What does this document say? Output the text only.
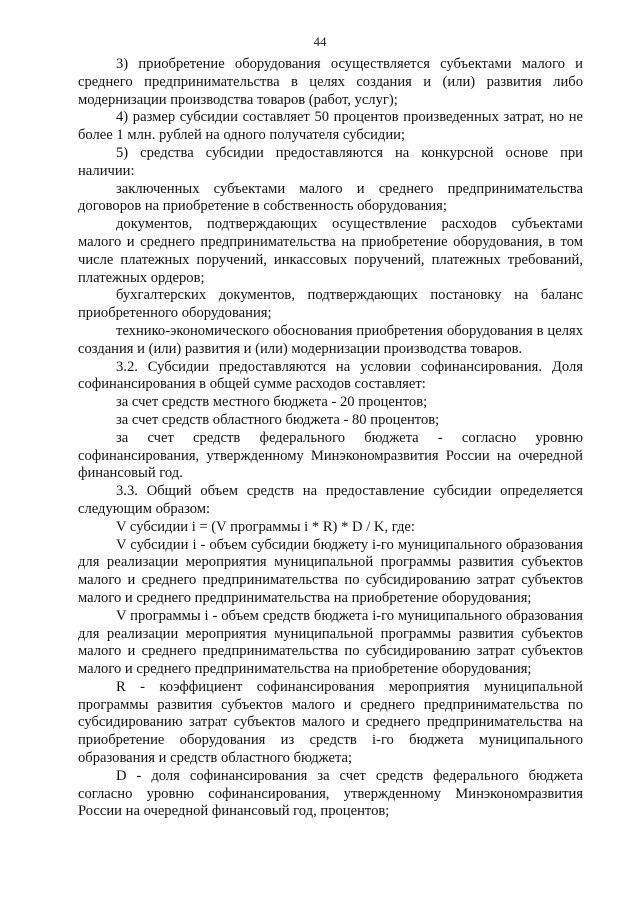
44

3) приобретение оборудования осуществляется субъектами малого и среднего предпринимательства в целях создания и (или) развития либо модернизации производства товаров (работ, услуг);

4) размер субсидии составляет 50 процентов произведенных затрат, но не более 1 млн. рублей на одного получателя субсидии;

5) средства субсидии предоставляются на конкурсной основе при наличии:

заключенных субъектами малого и среднего предпринимательства договоров на приобретение в собственность оборудования;

документов, подтверждающих осуществление расходов субъектами малого и среднего предпринимательства на приобретение оборудования, в том числе платежных поручений, инкассовых поручений, платежных требований, платежных ордеров;

бухгалтерских документов, подтверждающих постановку на баланс приобретенного оборудования;

технико-экономического обоснования приобретения оборудования в целях создания и (или) развития и (или) модернизации производства товаров.

3.2. Субсидии предоставляются на условии софинансирования. Доля софинансирования в общей сумме расходов составляет:

за счет средств местного бюджета - 20 процентов;

за счет средств областного бюджета - 80 процентов;

за счет средств федерального бюджета - согласно уровню софинансирования, утвержденному Минэкономразвития России на очередной финансовый год.

3.3. Общий объем средств на предоставление субсидии определяется следующим образом:

V субсидии i = (V программы i * R) * D / K, где:

V субсидии i - объем субсидии бюджету i-го муниципального образования для реализации мероприятия муниципальной программы развития субъектов малого и среднего предпринимательства по субсидированию затрат субъектов малого и среднего предпринимательства на приобретение оборудования;

V программы i - объем средств бюджета i-го муниципального образования для реализации мероприятия муниципальной программы развития субъектов малого и среднего предпринимательства по субсидированию затрат субъектов малого и среднего предпринимательства на приобретение оборудования;

R - коэффициент софинансирования мероприятия муниципальной программы развития субъектов малого и среднего предпринимательства по субсидированию затрат субъектов малого и среднего предпринимательства на приобретение оборудования из средств i-го бюджета муниципального образования и средств областного бюджета;

D - доля софинансирования за счет средств федерального бюджета согласно уровню софинансирования, утвержденному Минэкономразвития России на очередной финансовый год, процентов;
